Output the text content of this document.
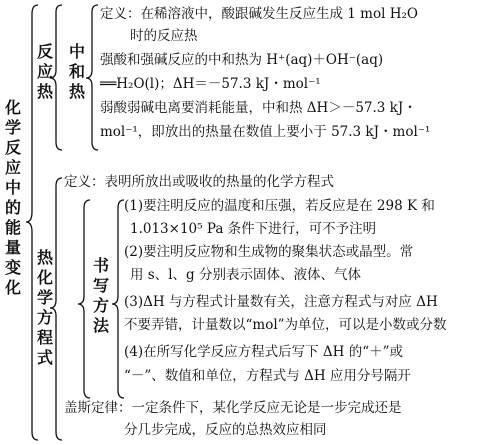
化
学
反
应
中
的
能
量
变
化
反
应
热
中
和
热
定义：在稀溶液中，酸跟碱发生反应生成 1 mol H₂O
时的反应热
强酸和强碱反应的中和热为 H⁺(aq)＋OH⁻(aq)
══H₂O(l)；ΔH＝－57.3 kJ・mol⁻¹
弱酸弱碱电离要消耗能量，中和热 ΔH＞－57.3 kJ・
mol⁻¹，即放出的热量在数值上要小于 57.3 kJ・mol⁻¹
热
化
学
方
程
式
定义：表明所放出或吸收的热量的化学方程式
书
写
方
法
(1)要注明反应的温度和压强，若反应是在 298 K 和
1.013×10⁵ Pa 条件下进行，可不予注明
(2)要注明反应物和生成物的聚集状态或晶型。常
用 s、l、g 分别表示固体、液体、气体
(3)ΔH 与方程式计量数有关，注意方程式与对应 ΔH
不要弄错，计量数以“mol”为单位，可以是小数或分数
(4)在所写化学反应方程式后写下 ΔH 的“＋”或
“－”、数值和单位，方程式与 ΔH 应用分号隔开
盖斯定律：一定条件下，某化学反应无论是一步完成还是
分几步完成，反应的总热效应相同
